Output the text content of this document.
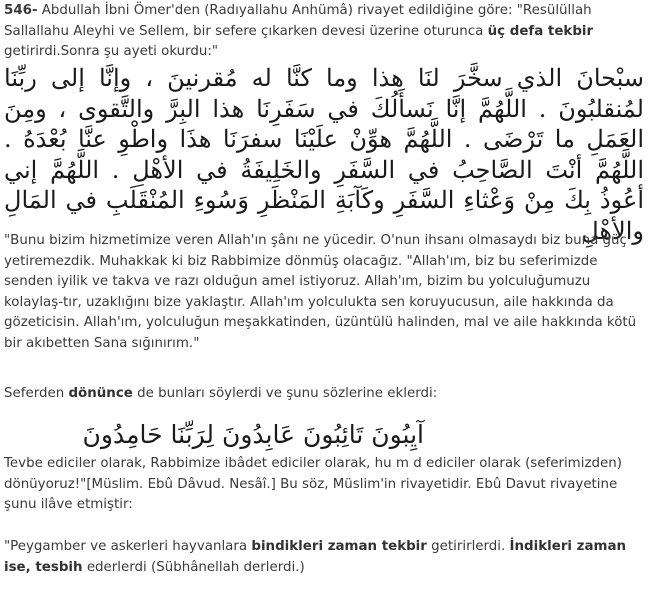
546- Abdullah İbni Ömer'den (Radıyallahu Anhümâ) rivayet edildiğine göre: "Resülüllah Sallallahu Aleyhi ve Sellem, bir sefere çıkarken devesi üzerine oturunca üç defa tekbir getirirdi.Sonra şu ayeti okurdu:"
سبْحانَ الذي سخَّرَ لنَا هذا وما كنَّا له مُقرنينَ ، وإنَّا إلى ربِّنَا لمُنقلبُونَ . اللَّهُمَّ إنَّا نَسأَلُكَ في سَفَرِنَا هذا البِرَّ والتَّقوى ، ومِنَ العَمَلِ ما تَرْضَى . اللَّهُمَّ هوِّنْ علَيْنَا سفرَنَا هذَا واطْوِ عنَّا بُعْدَهُ . اللَّهُمَّ أنْتَ الصَّاحِبُ في السَّفَرِ والخَلِيفَةُ في الأهْلِ . اللَّهُمَّ إني أعُوذُ بِكَ مِنْ وَعْثاءِ السَّفَرِ وكَآبَةِ المَنْظَرِ وَسُوءِ المُنْقَلَبِ في المَالِ والأهْلِ
"Bunu bizim hizmetimize veren Allah'ın şânı ne yücedir. O'nun ihsanı olmasaydı biz buna güç yetiremezdik. Muhakkak ki biz Rabbimize dönmüş olacağız. "Allah'ım, biz bu seferimizde senden iyilik ve takva ve razı olduğun amel istiyoruz. Allah'ım, bizim bu yolculuğumuzu kolaylaş-tır, uzaklığını bize yaklaştır. Allah'ım yolculukta sen koruyucusun, aile hakkında da gözeticisin. Allah'ım, yolculuğun meşakkatinden, üzüntülü halinden, mal ve aile hakkında kötü bir akıbetten Sana sığınırım."
Seferden dönünce de bunları söylerdi ve şunu sözlerine eklerdi:
آيِبُونَ تَائِبُونَ عَابِدُونَ لِرَبِّنَا حَامِدُونَ
Tevbe ediciler olarak, Rabbimize ibâdet ediciler olarak, hu m d ediciler olarak (seferimizden) dönüyoruz!"[Müslim. Ebû Dâvud. Nesâî.] Bu söz, Müslim'in rivayetidir. Ebû Davut rivayetine şunu ilâve etmiştir:
"Peygamber ve askerleri hayvanlara bindikleri zaman tekbir getirirlerdi. İndikleri zaman ise, tesbih ederlerdi (Sübhânellah derlerdi.)
